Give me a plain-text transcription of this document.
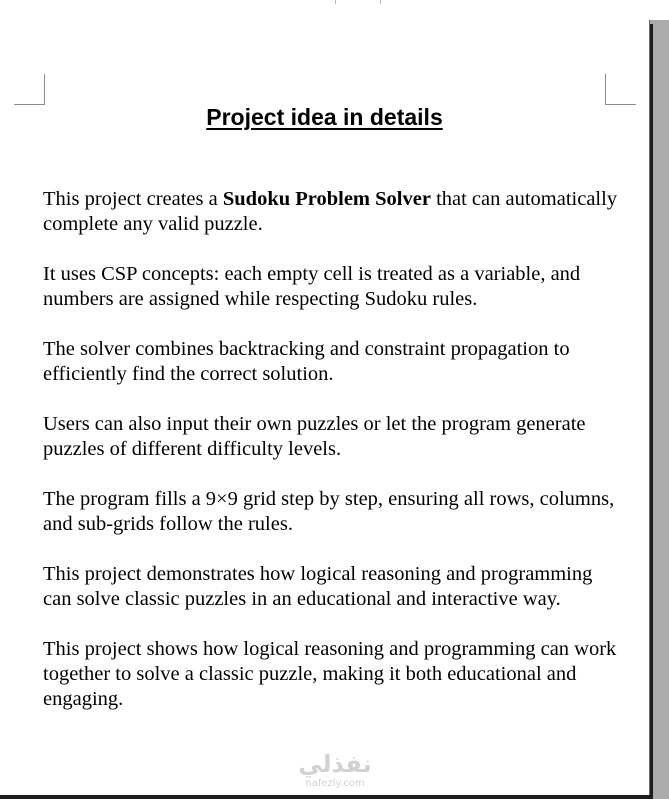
Project idea in details

This project creates a Sudoku Problem Solver that can automatically complete any valid puzzle.

It uses CSP concepts: each empty cell is treated as a variable, and numbers are assigned while respecting Sudoku rules.

The solver combines backtracking and constraint propagation to efficiently find the correct solution.

Users can also input their own puzzles or let the program generate puzzles of different difficulty levels.

The program fills a 9×9 grid step by step, ensuring all rows, columns, and sub-grids follow the rules.

This project demonstrates how logical reasoning and programming can solve classic puzzles in an educational and interactive way.

This project shows how logical reasoning and programming can work together to solve a classic puzzle, making it both educational and engaging.

نفذلي
nafezly.com
